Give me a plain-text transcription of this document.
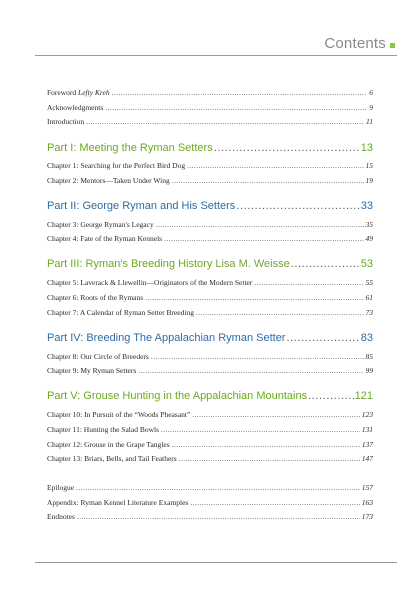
Contents
Foreword Lefty Kreh .....	6
Acknowledgments .....	9
Introduction .....	11
Part I: Meeting the Ryman Setters .....	13
Chapter 1: Searching for the Perfect Bird Dog .....	15
Chapter 2: Mentors—Taken Under Wing .....	19
Part II: George Ryman and His Setters .....	33
Chapter 3: George Ryman's Legacy .....	35
Chapter 4: Fate of the Ryman Kennels .....	49
Part III: Ryman's Breeding History Lisa M. Weisse .....	53
Chapter 5: Laverack & Llewellin—Originators of the Modern Setter .....	55
Chapter 6: Roots of the Rymans .....	61
Chapter 7: A Calendar of Ryman Setter Breeding .....	73
Part IV: Breeding The Appalachian Ryman Setter .....	83
Chapter 8: Our Circle of Breeders .....	85
Chapter 9: My Ryman Setters .....	99
Part V: Grouse Hunting in the Appalachian Mountains .....	121
Chapter 10: In Pursuit of the “Woods Pheasant” .....	123
Chapter 11: Hunting the Salad Bowls .....	131
Chapter 12: Grouse in the Grape Tangles .....	137
Chapter 13: Briars, Bells, and Tail Feathers .....	147
Epilogue .....	157
Appendix: Ryman Kennel Literature Examples .....	163
Endnotes .....	173
